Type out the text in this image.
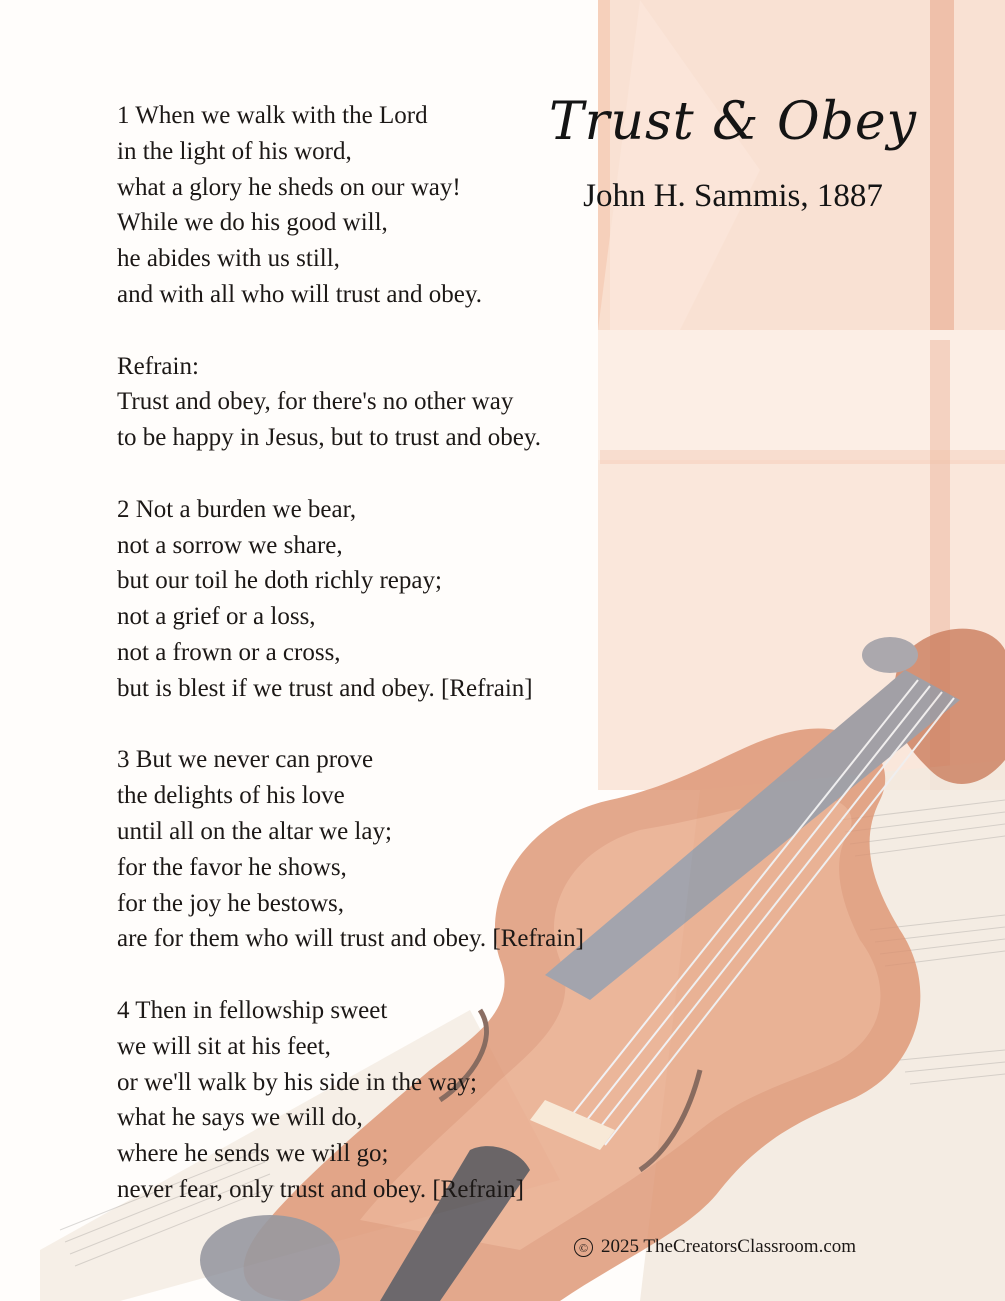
Trust & Obey
John H. Sammis, 1887
1 When we walk with the Lord
in the light of his word,
what a glory he sheds on our way!
While we do his good will,
he abides with us still,
and with all who will trust and obey.
Refrain:
Trust and obey, for there's no other way
to be happy in Jesus, but to trust and obey.
2 Not a burden we bear,
not a sorrow we share,
but our toil he doth richly repay;
not a grief or a loss,
not a frown or a cross,
but is blest if we trust and obey. [Refrain]
3 But we never can prove
the delights of his love
until all on the altar we lay;
for the favor he shows,
for the joy he bestows,
are for them who will trust and obey. [Refrain]
4 Then in fellowship sweet
we will sit at his feet,
or we'll walk by his side in the way;
what he says we will do,
where he sends we will go;
never fear, only trust and obey. [Refrain]
© 2025 TheCreatorsClassroom.com
